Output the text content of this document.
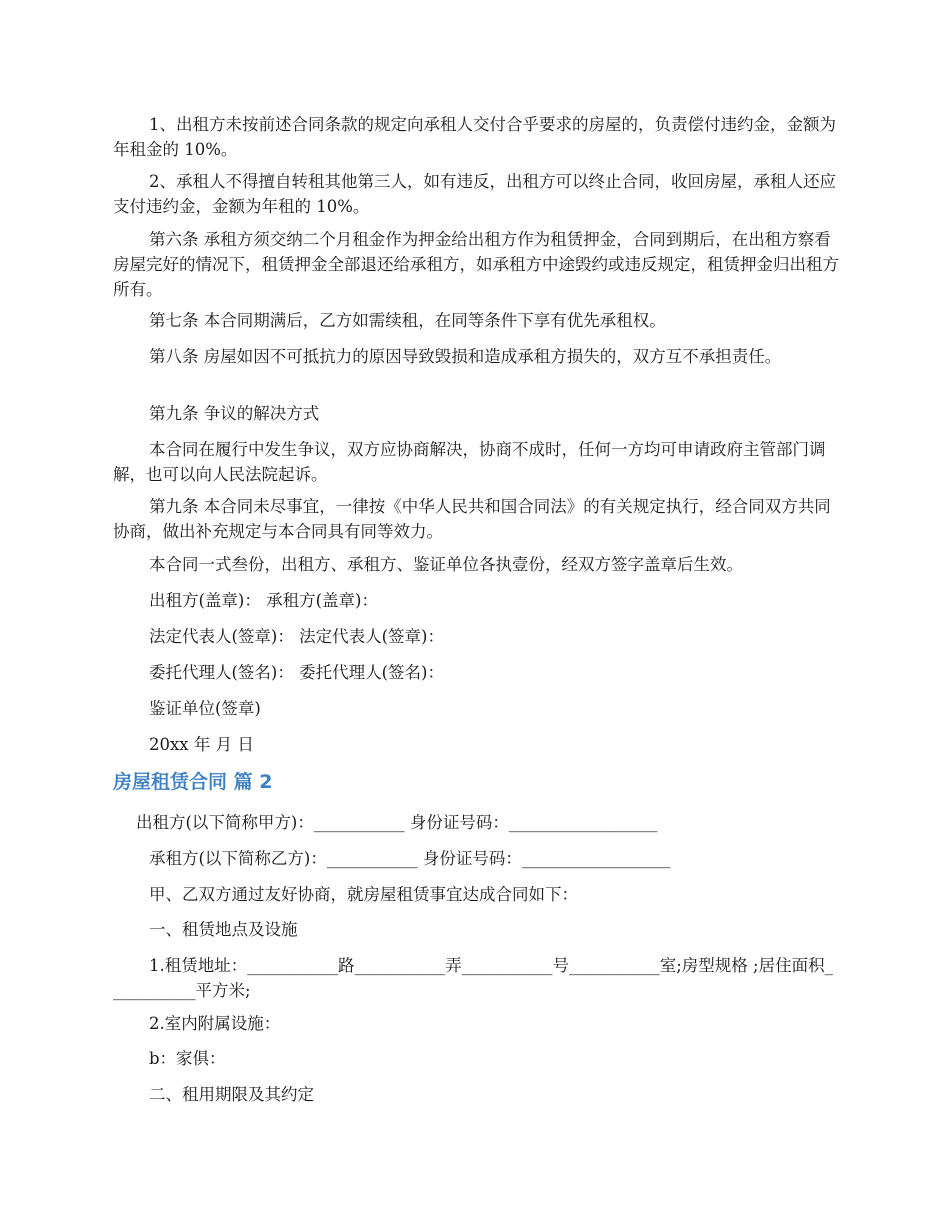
1、出租方未按前述合同条款的规定向承租人交付合乎要求的房屋的，负责偿付违约金，金额为年租金的 10%。

2、承租人不得擅自转租其他第三人，如有违反，出租方可以终止合同，收回房屋，承租人还应支付违约金，金额为年租的 10%。

第六条 承租方须交纳二个月租金作为押金给出租方作为租赁押金，合同到期后，在出租方察看房屋完好的情况下，租赁押金全部退还给承租方，如承租方中途毁约或违反规定，租赁押金归出租方所有。

第七条 本合同期满后，乙方如需续租，在同等条件下享有优先承租权。

第八条 房屋如因不可抵抗力的原因导致毁损和造成承租方损失的，双方互不承担责任。

第九条 争议的解决方式

本合同在履行中发生争议，双方应协商解决，协商不成时，任何一方均可申请政府主管部门调解，也可以向人民法院起诉。

第九条 本合同未尽事宜，一律按《中华人民共和国合同法》的有关规定执行，经合同双方共同协商，做出补充规定与本合同具有同等效力。

本合同一式叁份，出租方、承租方、鉴证单位各执壹份，经双方签字盖章后生效。

出租方(盖章)： 承租方(盖章)：

法定代表人(签章)： 法定代表人(签章)：

委托代理人(签名)： 委托代理人(签名)：

鉴证单位(签章)

20xx 年 月 日

房屋租赁合同 篇 2

出租方(以下简称甲方)：___________ 身份证号码：__________________

承租方(以下简称乙方)：___________ 身份证号码：__________________

甲、乙双方通过友好协商，就房屋租赁事宜达成合同如下：

一、租赁地点及设施

1.租赁地址：___________路___________弄___________号___________室;房型规格 ;居住面积___________平方米;

2.室内附属设施：

b：家俱：

二、租用期限及其约定
